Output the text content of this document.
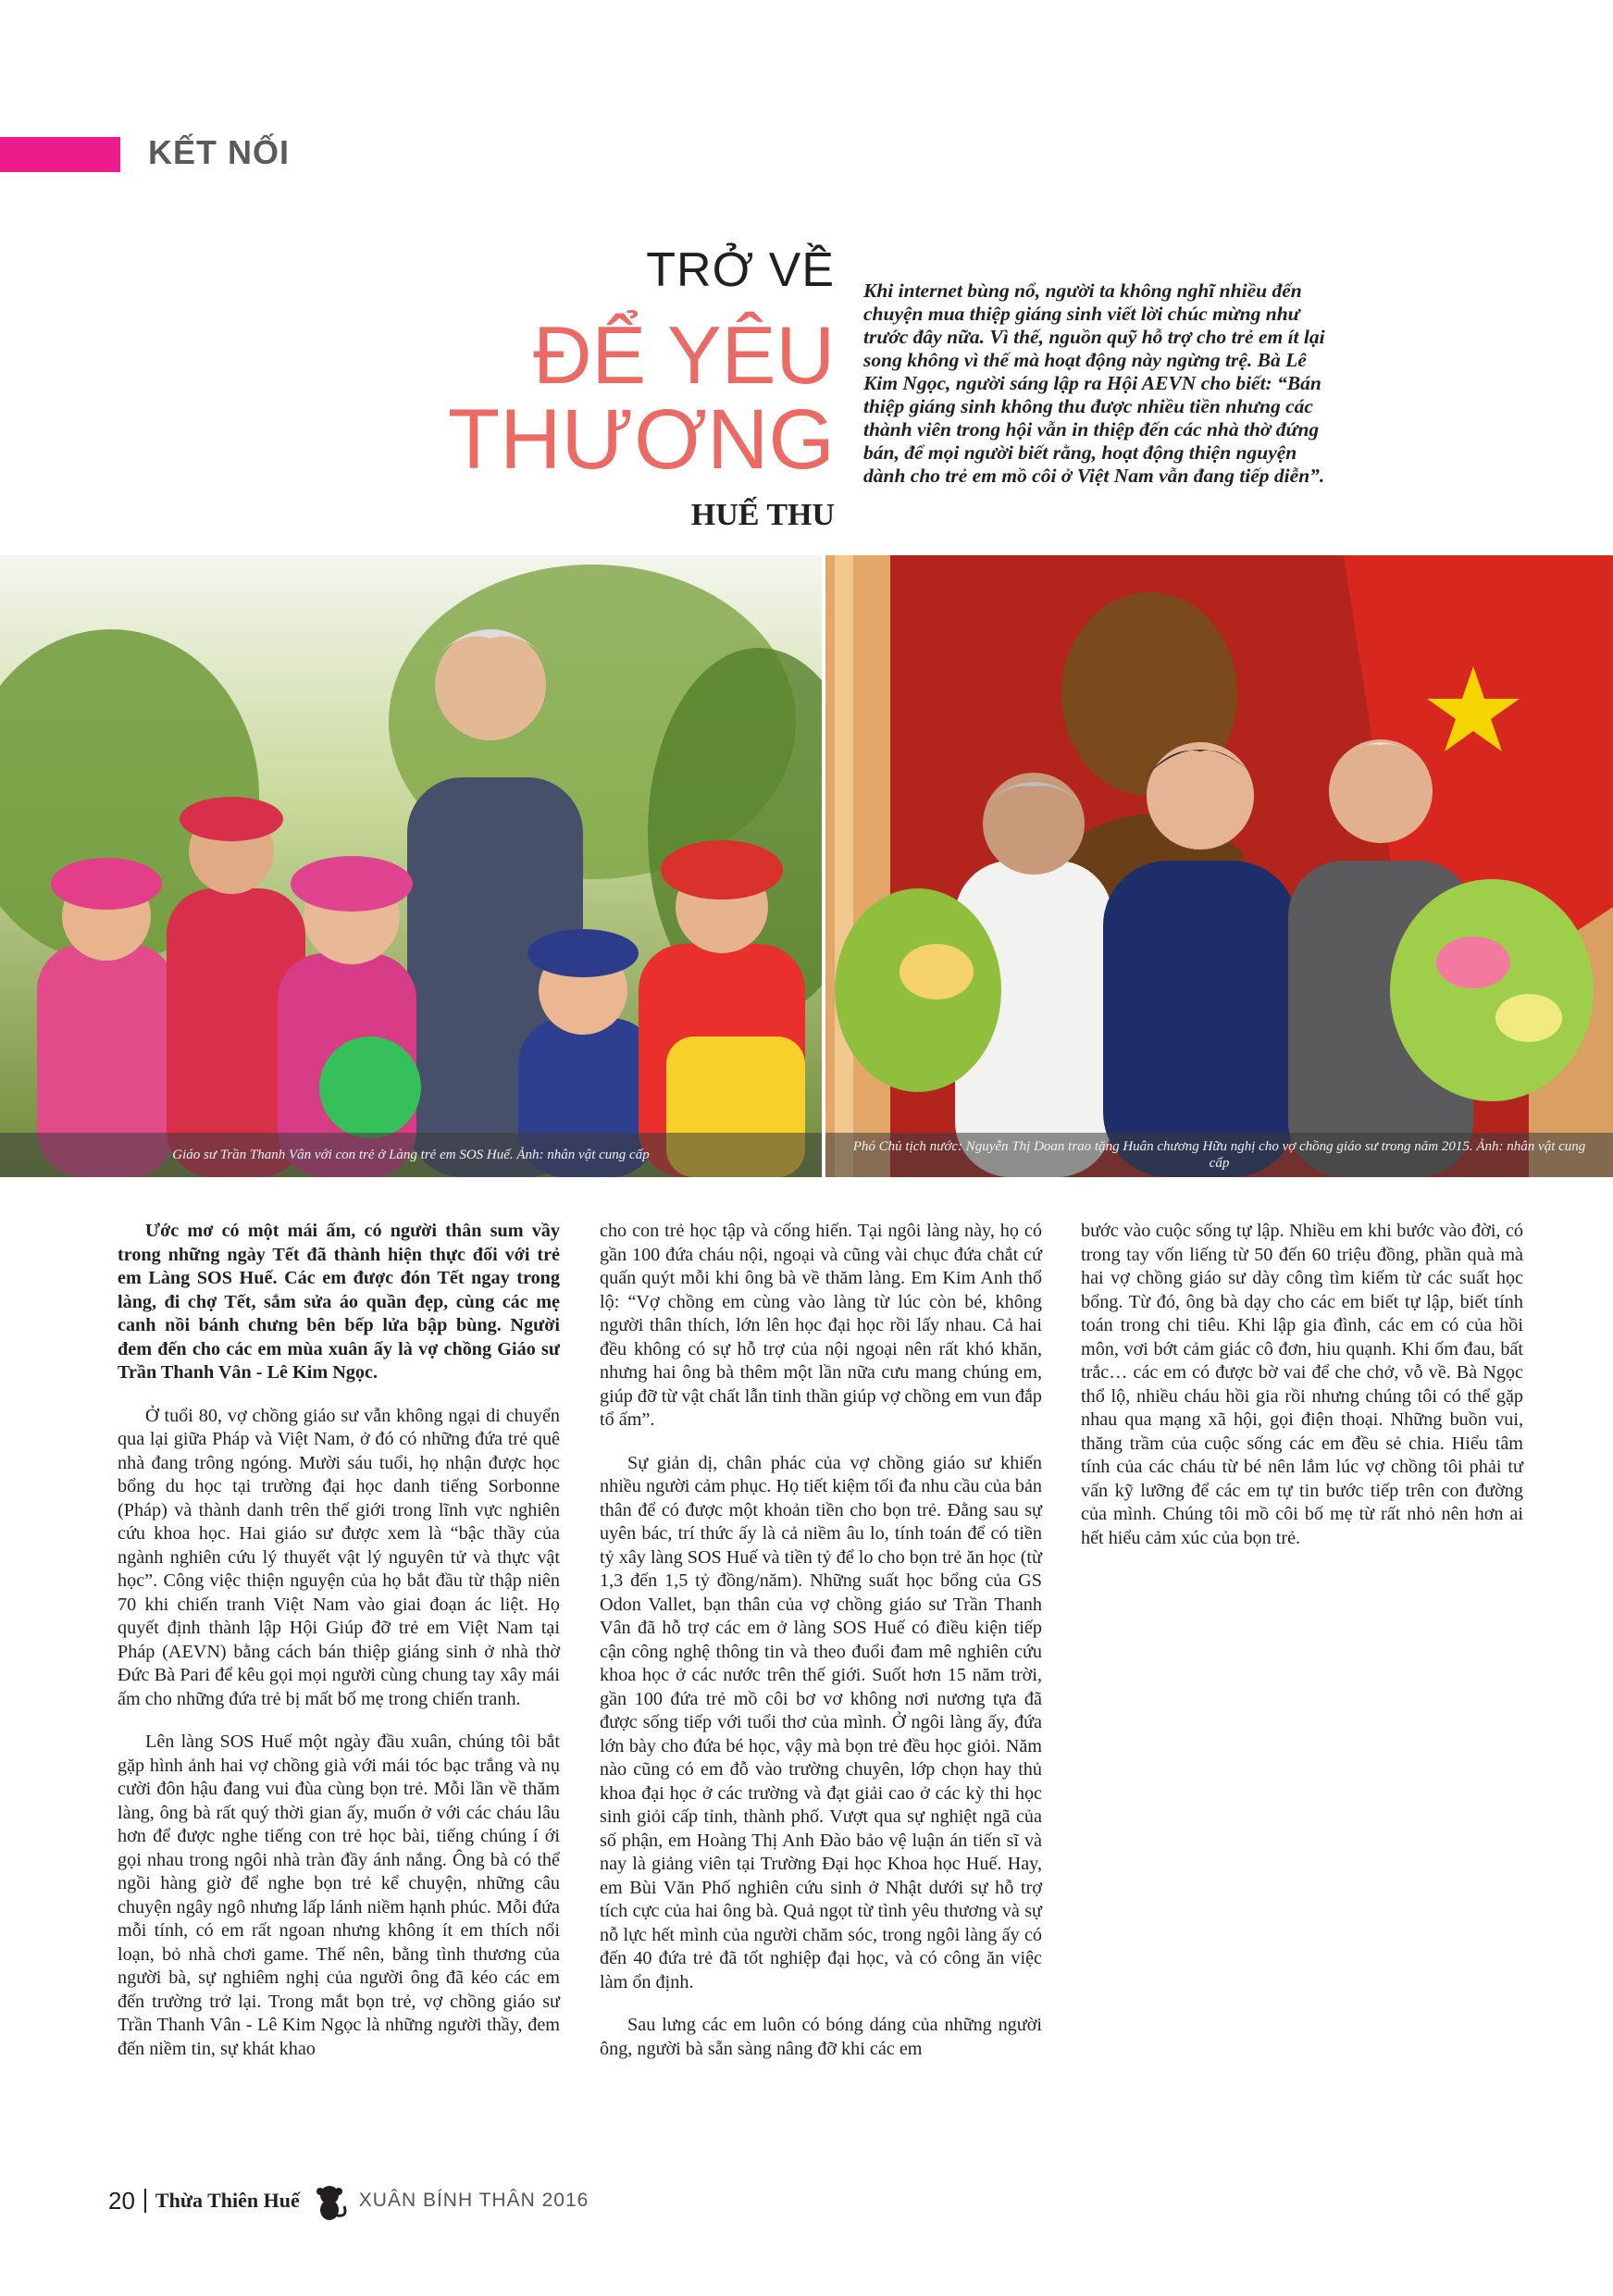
KẾT NỐI
TRỞ VỀ
ĐỂ YÊU
THƯƠNG
HUẾ THU
Khi internet bùng nổ, người ta không nghĩ nhiều đến chuyện mua thiệp giáng sinh viết lời chúc mừng như trước đây nữa. Vì thế, nguồn quỹ hỗ trợ cho trẻ em ít lại song không vì thế mà hoạt động này ngừng trệ. Bà Lê Kim Ngọc, người sáng lập ra Hội AEVN cho biết: “Bán thiệp giáng sinh không thu được nhiều tiền nhưng các thành viên trong hội vẫn in thiệp đến các nhà thờ đứng bán, để mọi người biết rằng, hoạt động thiện nguyện dành cho trẻ em mồ côi ở Việt Nam vẫn đang tiếp diễn”.
Giáo sư Trần Thanh Vân với con trẻ ở Làng trẻ em SOS Huế. Ảnh: nhân vật cung cấp
Phó Chủ tịch nước: Nguyễn Thị Doan trao tặng Huân chương Hữu nghị cho vợ chồng giáo sư trong năm 2015. Ảnh: nhân vật cung cấp

Ước mơ có một mái ấm, có người thân sum vầy trong những ngày Tết đã thành hiện thực đối với trẻ em Làng SOS Huế. Các em được đón Tết ngay trong làng, đi chợ Tết, sắm sửa áo quần đẹp, cùng các mẹ canh nồi bánh chưng bên bếp lửa bập bùng. Người đem đến cho các em mùa xuân ấy là vợ chồng Giáo sư Trần Thanh Vân - Lê Kim Ngọc.

Ở tuổi 80, vợ chồng giáo sư vẫn không ngại di chuyển qua lại giữa Pháp và Việt Nam, ở đó có những đứa trẻ quê nhà đang trông ngóng. Mười sáu tuổi, họ nhận được học bổng du học tại trường đại học danh tiếng Sorbonne (Pháp) và thành danh trên thế giới trong lĩnh vực nghiên cứu khoa học. Hai giáo sư được xem là “bậc thầy của ngành nghiên cứu lý thuyết vật lý nguyên tử và thực vật học”. Công việc thiện nguyện của họ bắt đầu từ thập niên 70 khi chiến tranh Việt Nam vào giai đoạn ác liệt. Họ quyết định thành lập Hội Giúp đỡ trẻ em Việt Nam tại Pháp (AEVN) bằng cách bán thiệp giáng sinh ở nhà thờ Đức Bà Pari để kêu gọi mọi người cùng chung tay xây mái ấm cho những đứa trẻ bị mất bố mẹ trong chiến tranh.

Lên làng SOS Huế một ngày đầu xuân, chúng tôi bắt gặp hình ảnh hai vợ chồng già với mái tóc bạc trắng và nụ cười đôn hậu đang vui đùa cùng bọn trẻ. Mỗi lần về thăm làng, ông bà rất quý thời gian ấy, muốn ở với các cháu lâu hơn để được nghe tiếng con trẻ học bài, tiếng chúng í ới gọi nhau trong ngôi nhà tràn đầy ánh nắng. Ông bà có thể ngồi hàng giờ để nghe bọn trẻ kể chuyện, những câu chuyện ngây ngô nhưng lấp lánh niềm hạnh phúc. Mỗi đứa mỗi tính, có em rất ngoan nhưng không ít em thích nổi loạn, bỏ nhà chơi game. Thế nên, bằng tình thương của người bà, sự nghiêm nghị của người ông đã kéo các em đến trường trở lại. Trong mắt bọn trẻ, vợ chồng giáo sư Trần Thanh Vân - Lê Kim Ngọc là những người thầy, đem đến niềm tin, sự khát khao

cho con trẻ học tập và cống hiến. Tại ngôi làng này, họ có gần 100 đứa cháu nội, ngoại và cũng vài chục đứa chắt cứ quấn quýt mỗi khi ông bà về thăm làng. Em Kim Anh thổ lộ: “Vợ chồng em cùng vào làng từ lúc còn bé, không người thân thích, lớn lên học đại học rồi lấy nhau. Cả hai đều không có sự hỗ trợ của nội ngoại nên rất khó khăn, nhưng hai ông bà thêm một lần nữa cưu mang chúng em, giúp đỡ từ vật chất lẫn tinh thần giúp vợ chồng em vun đắp tổ ấm”.

Sự giản dị, chân phác của vợ chồng giáo sư khiến nhiều người cảm phục. Họ tiết kiệm tối đa nhu cầu của bản thân để có được một khoản tiền cho bọn trẻ. Đằng sau sự uyên bác, trí thức ấy là cả niềm âu lo, tính toán để có tiền tỷ xây làng SOS Huế và tiền tỷ để lo cho bọn trẻ ăn học (từ 1,3 đến 1,5 tỷ đồng/năm). Những suất học bổng của GS Odon Vallet, bạn thân của vợ chồng giáo sư Trần Thanh Vân đã hỗ trợ các em ở làng SOS Huế có điều kiện tiếp cận công nghệ thông tin và theo đuổi đam mê nghiên cứu khoa học ở các nước trên thế giới. Suốt hơn 15 năm trời, gần 100 đứa trẻ mồ côi bơ vơ không nơi nương tựa đã được sống tiếp với tuổi thơ của mình. Ở ngôi làng ấy, đứa lớn bày cho đứa bé học, vậy mà bọn trẻ đều học giỏi. Năm nào cũng có em đỗ vào trường chuyên, lớp chọn hay thủ khoa đại học ở các trường và đạt giải cao ở các kỳ thi học sinh giỏi cấp tỉnh, thành phố. Vượt qua sự nghiệt ngã của số phận, em Hoàng Thị Anh Đào bảo vệ luận án tiến sĩ và nay là giảng viên tại Trường Đại học Khoa học Huế. Hay, em Bùi Văn Phố nghiên cứu sinh ở Nhật dưới sự hỗ trợ tích cực của hai ông bà. Quả ngọt từ tình yêu thương và sự nỗ lực hết mình của người chăm sóc, trong ngôi làng ấy có đến 40 đứa trẻ đã tốt nghiệp đại học, và có công ăn việc làm ổn định.

Sau lưng các em luôn có bóng dáng của những người ông, người bà sẵn sàng nâng đỡ khi các em

bước vào cuộc sống tự lập. Nhiều em khi bước vào đời, có trong tay vốn liếng từ 50 đến 60 triệu đồng, phần quà mà hai vợ chồng giáo sư dày công tìm kiếm từ các suất học bổng. Từ đó, ông bà dạy cho các em biết tự lập, biết tính toán trong chi tiêu. Khi lập gia đình, các em có của hồi môn, vơi bớt cảm giác cô đơn, hiu quạnh. Khi ốm đau, bất trắc… các em có được bờ vai để che chở, vỗ về. Bà Ngọc thổ lộ, nhiều cháu hồi gia rồi nhưng chúng tôi có thể gặp nhau qua mạng xã hội, gọi điện thoại. Những buồn vui, thăng trầm của cuộc sống các em đều sẻ chia. Hiểu tâm tính của các cháu từ bé nên lắm lúc vợ chồng tôi phải tư vấn kỹ lưỡng để các em tự tin bước tiếp trên con đường của mình. Chúng tôi mồ côi bố mẹ từ rất nhỏ nên hơn ai hết hiểu cảm xúc của bọn trẻ.

20 Thừa Thiên Huế	XUÂN BÍNH THÂN 2016
